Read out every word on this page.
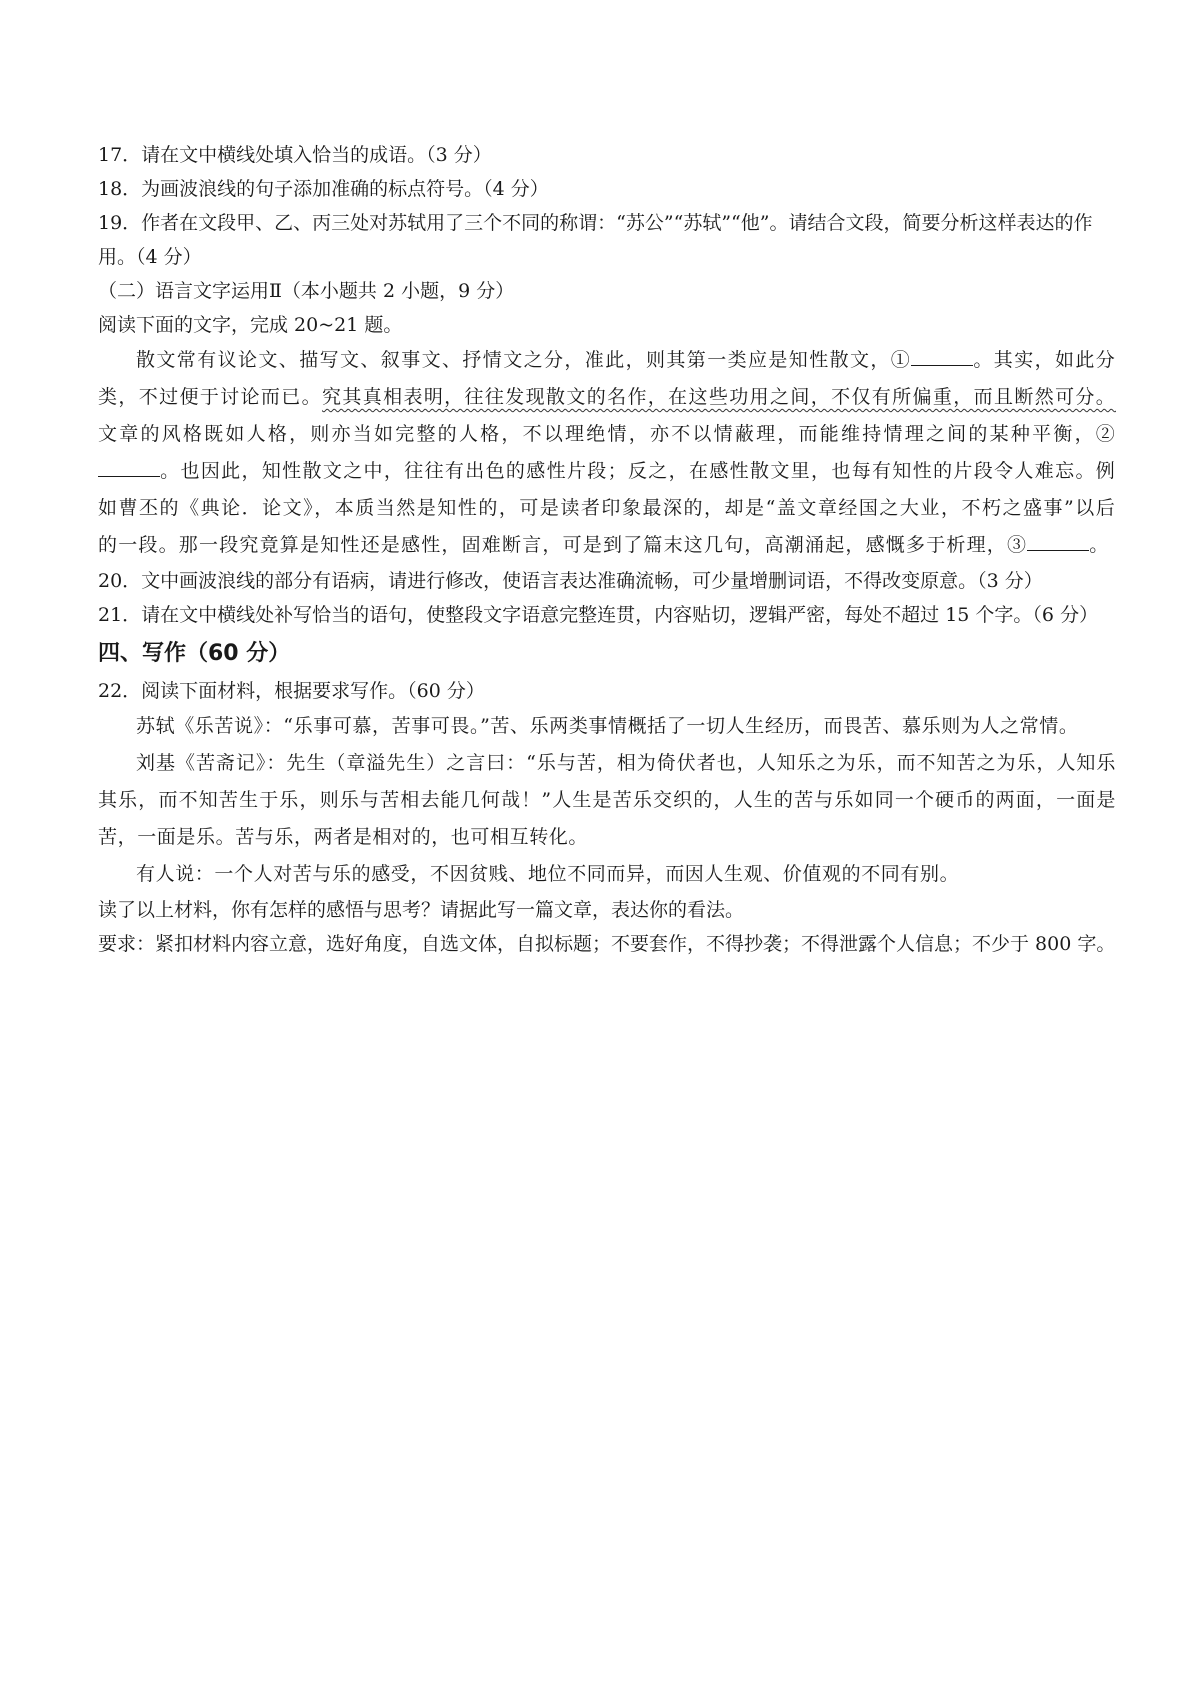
17．请在文中横线处填入恰当的成语。（3 分）

18．为画波浪线的句子添加准确的标点符号。（4 分）

19．作者在文段甲、乙、丙三处对苏轼用了三个不同的称谓：“苏公”“苏轼”“他”。请结合文段，简要分析这样表达的作用。（4 分）

（二）语言文字运用Ⅱ（本小题共 2 小题，9 分）

阅读下面的文字，完成 20~21 题。

散文常有议论文、描写文、叙事文、抒情文之分，准此，则其第一类应是知性散文，①	。其实，如此分类，不过便于讨论而已。究其真相表明，往往发现散文的名作，在这些功用之间，不仅有所偏重，而且断然可分。文章的风格既如人格，则亦当如完整的人格，不以理绝情，亦不以情蔽理，而能维持情理之间的某种平衡，②。也因此，知性散文之中，往往有出色的感性片段；反之，在感性散文里，也每有知性的片段令人难忘。例如曹丕的《典论．论文》，本质当然是知性的，可是读者印象最深的，却是“盖文章经国之大业，不朽之盛事”以后的一段。那一段究竟算是知性还是感性，固难断言，可是到了篇末这几句，高潮涌起，感慨多于析理，③	。

20．文中画波浪线的部分有语病，请进行修改，使语言表达准确流畅，可少量增删词语，不得改变原意。（3 分）

21．请在文中横线处补写恰当的语句，使整段文字语意完整连贯，内容贴切，逻辑严密，每处不超过 15 个字。（6 分）

四、写作（60 分）

22．阅读下面材料，根据要求写作。（60 分）

苏轼《乐苦说》：“乐事可慕，苦事可畏。”苦、乐两类事情概括了一切人生经历，而畏苦、慕乐则为人之常情。

刘基《苦斋记》：先生（章溢先生）之言曰：“乐与苦，相为倚伏者也，人知乐之为乐，而不知苦之为乐，人知乐其乐，而不知苦生于乐，则乐与苦相去能几何哉！”人生是苦乐交织的，人生的苦与乐如同一个硬币的两面，一面是苦，一面是乐。苦与乐，两者是相对的，也可相互转化。

有人说：一个人对苦与乐的感受，不因贫贱、地位不同而异，而因人生观、价值观的不同有别。

读了以上材料，你有怎样的感悟与思考？请据此写一篇文章，表达你的看法。

要求：紧扣材料内容立意，选好角度，自选文体，自拟标题；不要套作，不得抄袭；不得泄露个人信息；不少于 800 字。
